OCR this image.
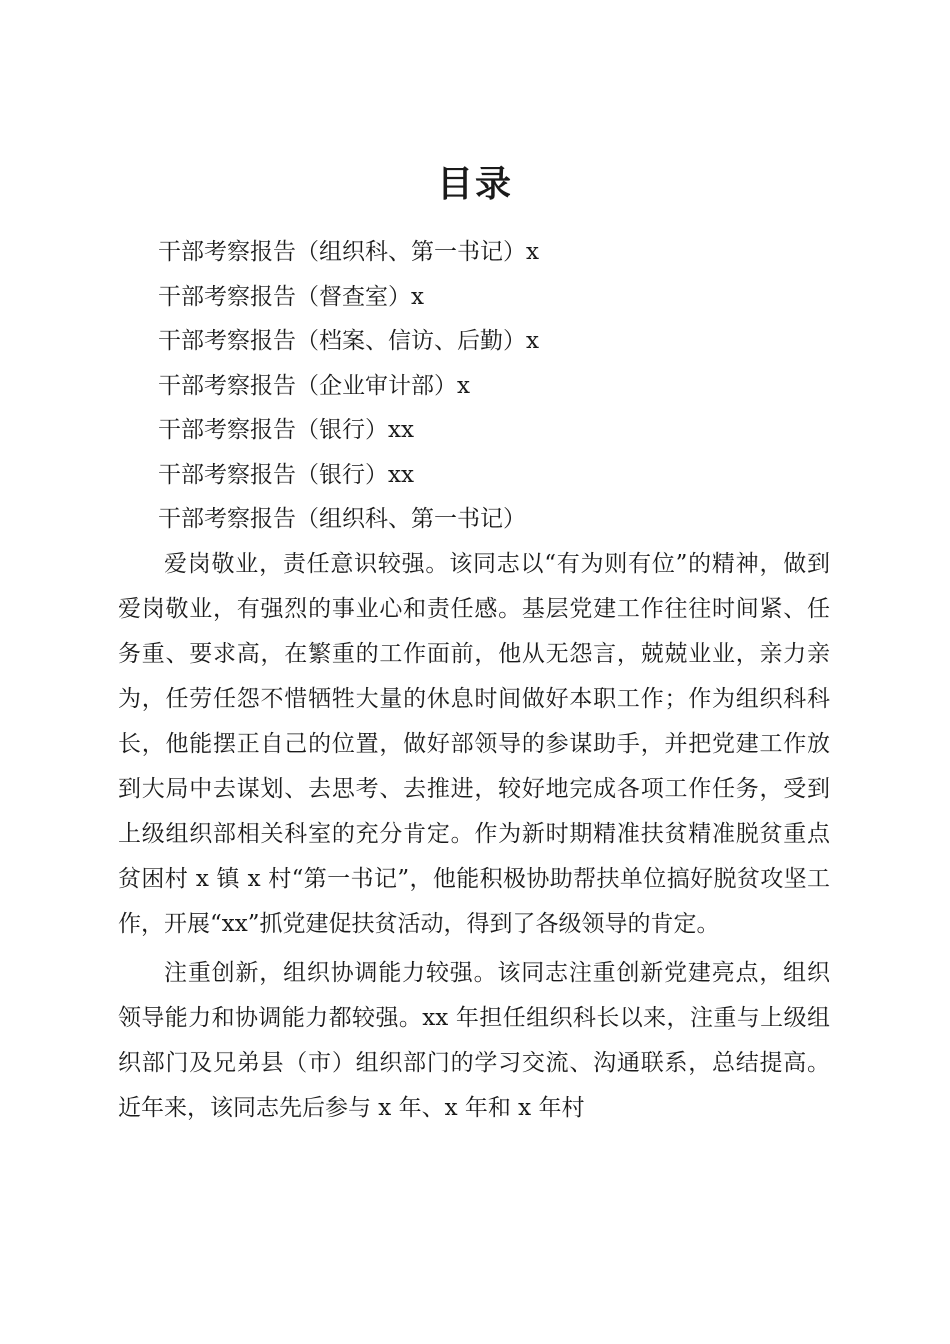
目录
干部考察报告（组织科、第一书记）x
干部考察报告（督查室）x
干部考察报告（档案、信访、后勤）x
干部考察报告（企业审计部）x
干部考察报告（银行）xx
干部考察报告（银行）xx
干部考察报告（组织科、第一书记）

爱岗敬业，责任意识较强。该同志以“有为则有位”的精神，做到爱岗敬业，有强烈的事业心和责任感。基层党建工作往往时间紧、任务重、要求高，在繁重的工作面前，他从无怨言，兢兢业业，亲力亲为，任劳任怨不惜牺牲大量的休息时间做好本职工作；作为组织科科长，他能摆正自己的位置，做好部领导的参谋助手，并把党建工作放到大局中去谋划、去思考、去推进，较好地完成各项工作任务，受到上级组织部相关科室的充分肯定。作为新时期精准扶贫精准脱贫重点贫困村 x 镇 x 村“第一书记”，他能积极协助帮扶单位搞好脱贫攻坚工作，开展“xx”抓党建促扶贫活动，得到了各级领导的肯定。

注重创新，组织协调能力较强。该同志注重创新党建亮点，组织领导能力和协调能力都较强。xx 年担任组织科长以来，注重与上级组织部门及兄弟县（市）组织部门的学习交流、沟通联系，总结提高。近年来，该同志先后参与 x 年、x 年和 x 年村
